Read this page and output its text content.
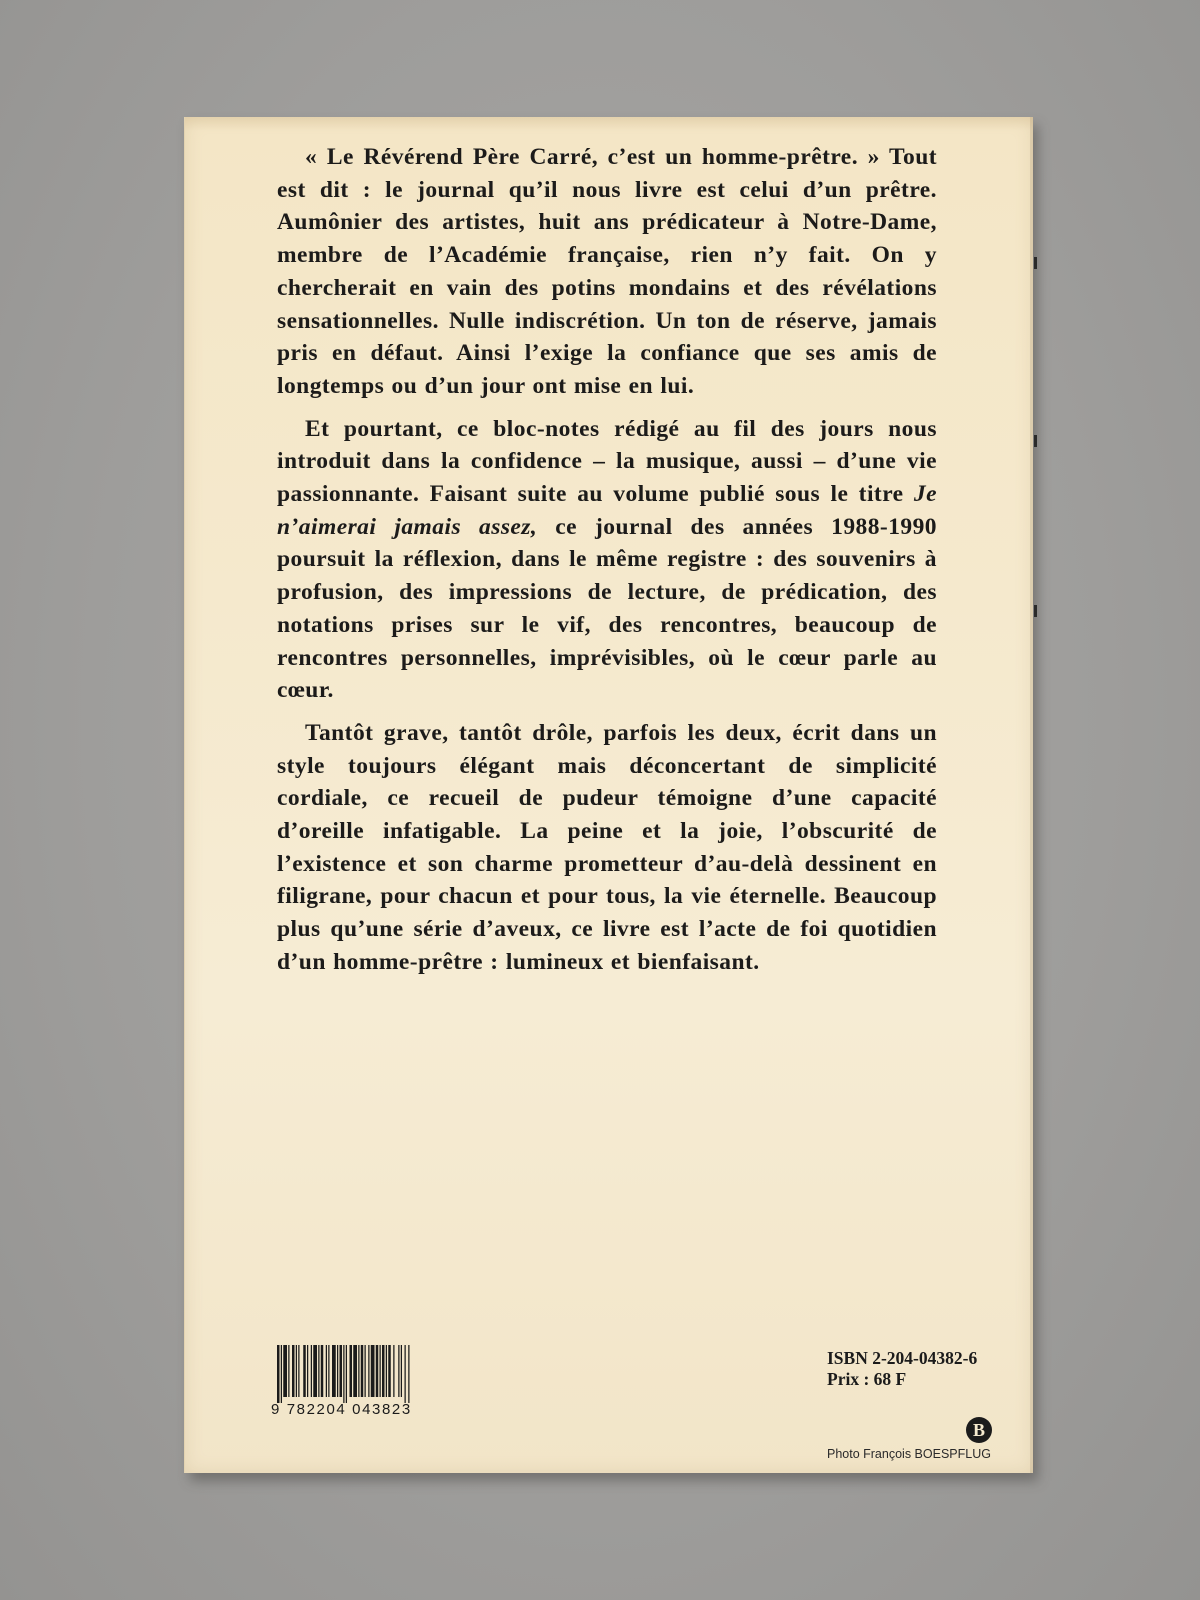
« Le Révérend Père Carré, c’est un homme-prêtre. » Tout est dit : le journal qu’il nous livre est celui d’un prêtre. Aumônier des artistes, huit ans prédicateur à Notre-Dame, membre de l’Académie française, rien n’y fait. On y chercherait en vain des potins mondains et des révélations sensationnelles. Nulle indiscrétion. Un ton de réserve, jamais pris en défaut. Ainsi l’exige la confiance que ses amis de longtemps ou d’un jour ont mise en lui.

Et pourtant, ce bloc-notes rédigé au fil des jours nous introduit dans la confidence – la musique, aussi – d’une vie passionnante. Faisant suite au volume publié sous le titre Je n’aimerai jamais assez, ce journal des années 1988-1990 poursuit la réflexion, dans le même registre : des souvenirs à profusion, des impressions de lecture, de prédication, des notations prises sur le vif, des rencontres, beaucoup de rencontres personnelles, imprévisibles, où le cœur parle au cœur.

Tantôt grave, tantôt drôle, parfois les deux, écrit dans un style toujours élégant mais déconcertant de simplicité cordiale, ce recueil de pudeur témoigne d’une capacité d’oreille infatigable. La peine et la joie, l’obscurité de l’existence et son charme prometteur d’au-delà dessinent en filigrane, pour chacun et pour tous, la vie éternelle. Beaucoup plus qu’une série d’aveux, ce livre est l’acte de foi quotidien d’un homme-prêtre : lumineux et bienfaisant.

9 782204 043823
ISBN 2-204-04382-6
Prix : 68 F
B
Photo François BOESPFLUG
